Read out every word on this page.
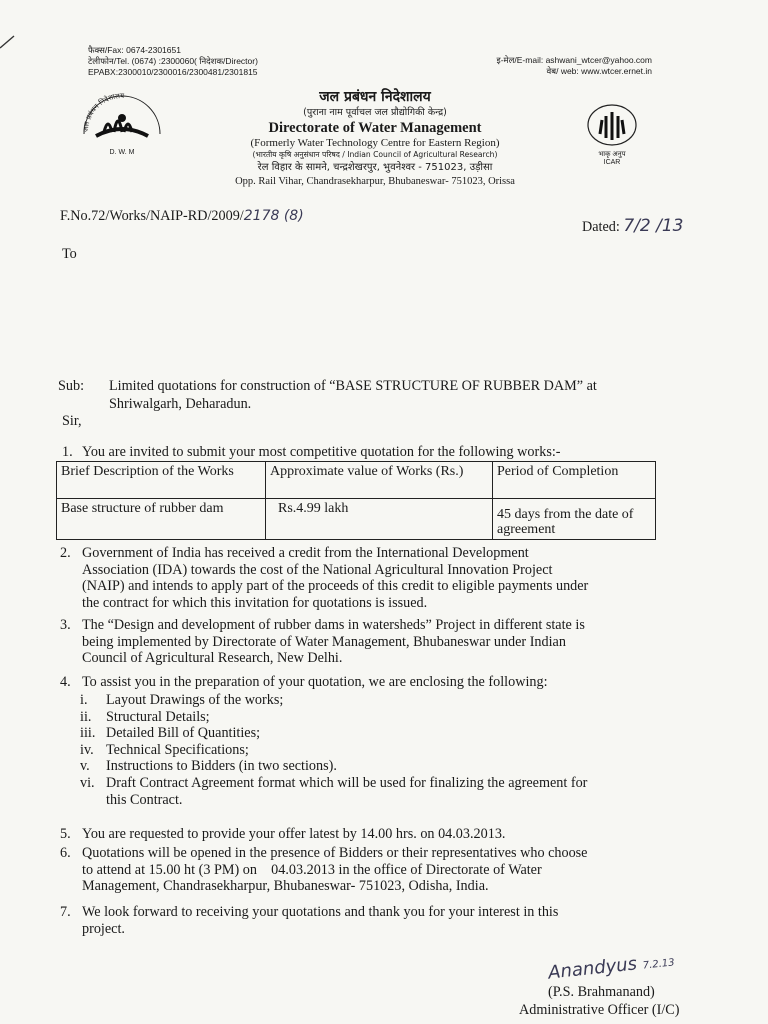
फैक्स/Fax: 0674-2301651
टेलीफोन/Tel. (0674) :2300060( निदेशक/Director)
EPABX:2300010/2300016/2300481/2301815
इ-मेल/E-mail: ashwani_wtcer@yahoo.com
वेब/ web: www.wtcer.ernet.in
जल प्रबंधन निदेशालय
D. W. M	भाकृ अनुप
ICAR
जल प्रबंधन निदेशालय
(पुराना नाम पूर्वाचल जल प्रौद्योगिकी केन्द्र)
Directorate of Water Management
(Formerly Water Technology Centre for Eastern Region)
(भारतीय कृषि अनुसंधान परिषद / Indian Council of Agricultural Research)
रेल विहार के सामने, चन्द्रशेखरपुर, भुवनेश्वर - 751023, उड़ीसा
Opp. Rail Vihar, Chandrasekharpur, Bhubaneswar- 751023, Orissa
F.No.72/Works/NAIP-RD/2009/2178 (8)
Dated: 7/2 /13
To
Sub: Limited quotations for construction of “BASE STRUCTURE OF RUBBER DAM” at
Shriwalgarh, Deharadun.
Sir,
1. You are invited to submit your most competitive quotation for the following works:-
Brief Description of the Works	Approximate value of Works (Rs.)	Period of Completion
Base structure of rubber dam	Rs.4.99 lakh	45 days from the date of agreement
2. Government of India has received a credit from the International Development
Association (IDA) towards the cost of the National Agricultural Innovation Project
(NAIP) and intends to apply part of the proceeds of this credit to eligible payments under
the contract for which this invitation for quotations is issued.
3. The “Design and development of rubber dams in watersheds” Project in different state is
being implemented by Directorate of Water Management, Bhubaneswar under Indian
Council of Agricultural Research, New Delhi.
4. To assist you in the preparation of your quotation, we are enclosing the following:
i. Layout Drawings of the works;
ii. Structural Details;
iii. Detailed Bill of Quantities;
iv. Technical Specifications;
v. Instructions to Bidders (in two sections).
vi. Draft Contract Agreement format which will be used for finalizing the agreement for
this Contract.
5. You are requested to provide your offer latest by 14.00 hrs. on 04.03.2013.
6. Quotations will be opened in the presence of Bidders or their representatives who choose
to attend at 15.00 ht (3 PM) on    04.03.2013 in the office of Directorate of Water
Management, Chandrasekharpur, Bhubaneswar- 751023, Odisha, India.
7. We look forward to receiving your quotations and thank you for your interest in this
project.
Anandyus 7.2.13
(P.S. Brahmanand)
Administrative Officer (I/C)
